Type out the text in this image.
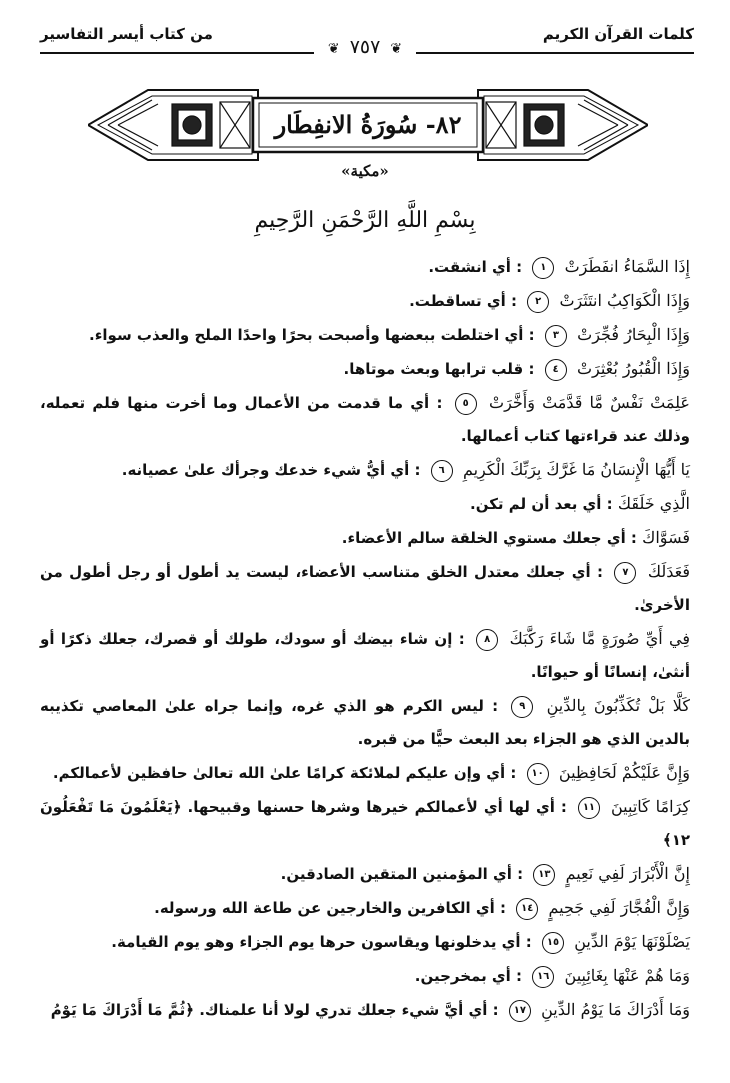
كلمات القرآن الكريم
من كتاب أيسر التفاسير
❦ ٧٥٧ ❦
٨٢- سُورَةُ الانفِطَار
«مكية»
بِسْمِ اللَّهِ الرَّحْمَنِ الرَّحِيمِ
إِذَا السَّمَاءُ انفَطَرَتْ ١ : أي انشقت.
وَإِذَا الْكَوَاكِبُ انتَثَرَتْ ٢ : أي تساقطت.
وَإِذَا الْبِحَارُ فُجِّرَتْ ٣ : أي اختلطت ببعضها وأصبحت بحرًا واحدًا الملح والعذب سواء.
وَإِذَا الْقُبُورُ بُعْثِرَتْ ٤ : قلب ترابها وبعث موتاها.
عَلِمَتْ نَفْسٌ مَّا قَدَّمَتْ وَأَخَّرَتْ ٥ : أي ما قدمت من الأعمال وما أخرت منها فلم تعمله، وذلك عند قراءتها كتاب أعمالها.
يَا أَيُّهَا الْإِنسَانُ مَا غَرَّكَ بِرَبِّكَ الْكَرِيمِ ٦ : أي أيُّ شيء خدعك وجرأك علىٰ عصيانه.
الَّذِي خَلَقَكَ : أي بعد أن لم تكن.
فَسَوَّاكَ : أي جعلك مستوي الخلقة سالم الأعضاء.
فَعَدَلَكَ ٧ : أي جعلك معتدل الخلق متناسب الأعضاء، ليست يد أطول أو رجل أطول من الأخرىٰ.
فِي أَيِّ صُورَةٍ مَّا شَاءَ رَكَّبَكَ ٨ : إن شاء بيضك أو سودك، طولك أو قصرك، جعلك ذكرًا أو أنثىٰ، إنسانًا أو حيوانًا.
كَلَّا بَلْ تُكَذِّبُونَ بِالدِّينِ ٩ : ليس الكرم هو الذي غره، وإنما جراه علىٰ المعاصي تكذيبه بالدين الذي هو الجزاء بعد البعث حيًّا من قبره.
وَإِنَّ عَلَيْكُمْ لَحَافِظِينَ ١٠ : أي وإن عليكم لملائكة كرامًا علىٰ الله تعالىٰ حافظين لأعمالكم.
كِرَامًا كَاتِبِينَ ١١ : أي لها أي لأعمالكم خيرها وشرها حسنها وقبيحها. ﴿يَعْلَمُونَ مَا تَفْعَلُونَ ١٢﴾
إِنَّ الْأَبْرَارَ لَفِي نَعِيمٍ ١٣ : أي المؤمنين المتقين الصادقين.
وَإِنَّ الْفُجَّارَ لَفِي جَحِيمٍ ١٤ : أي الكافرين والخارجين عن طاعة الله ورسوله.
يَصْلَوْنَهَا يَوْمَ الدِّينِ ١٥ : أي يدخلونها ويقاسون حرها يوم الجزاء وهو يوم القيامة.
وَمَا هُمْ عَنْهَا بِغَائِبِينَ ١٦ : أي بمخرجين.
وَمَا أَدْرَاكَ مَا يَوْمُ الدِّينِ ١٧ : أي أيَّ شيء جعلك تدري لولا أنا علمناك. ﴿ثُمَّ مَا أَدْرَاكَ مَا يَوْمُ
